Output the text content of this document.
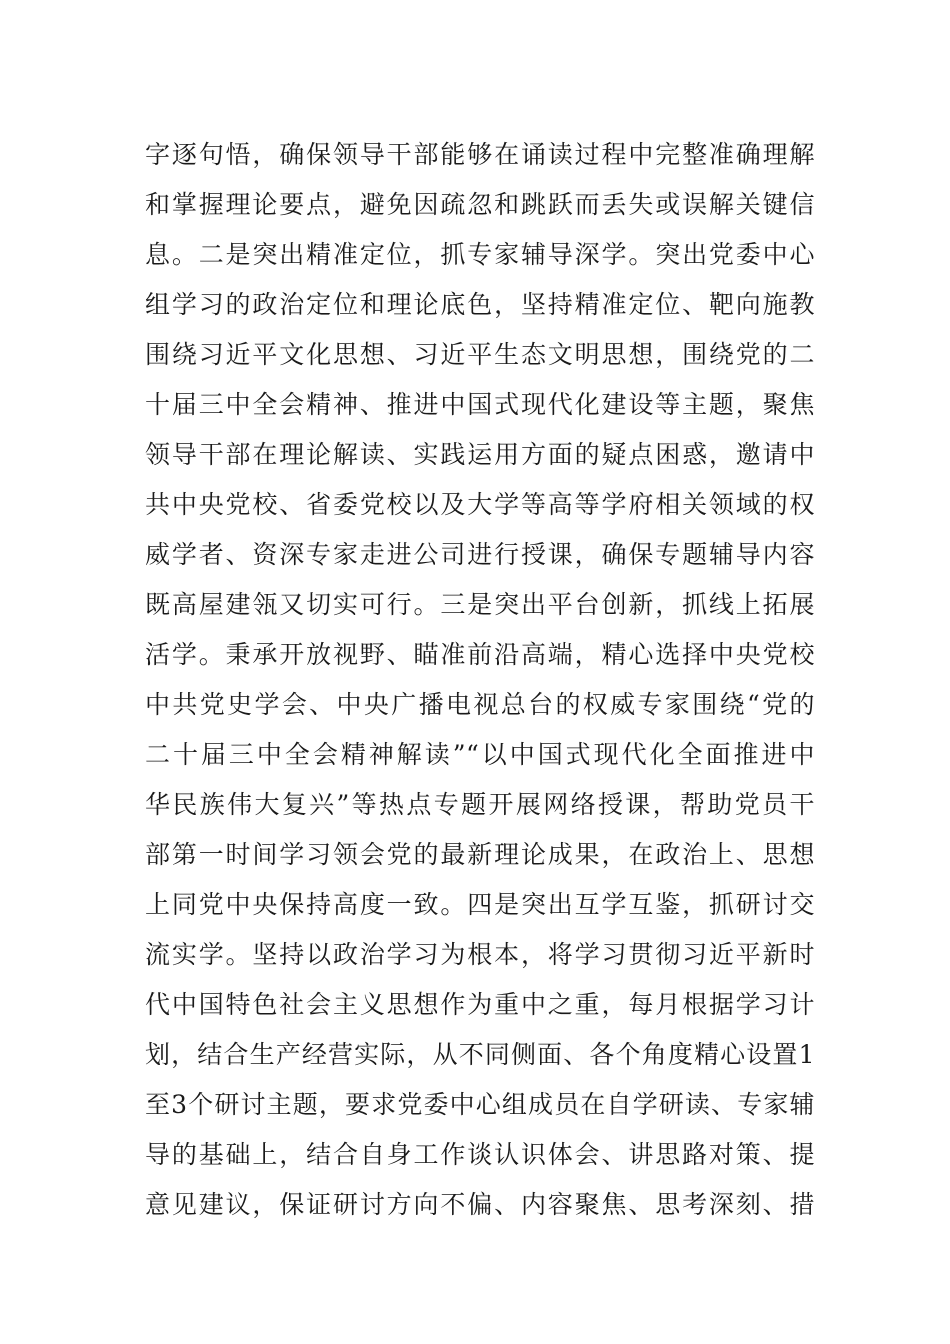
字逐句悟，确保领导干部能够在诵读过程中完整准确理解
和掌握理论要点，避免因疏忽和跳跃而丢失或误解关键信
息。二是突出精准定位，抓专家辅导深学。突出党委中心
组学习的政治定位和理论底色，坚持精准定位、靶向施教
围绕习近平文化思想、习近平生态文明思想，围绕党的二
十届三中全会精神、推进中国式现代化建设等主题，聚焦
领导干部在理论解读、实践运用方面的疑点困惑，邀请中
共中央党校、省委党校以及大学等高等学府相关领域的权
威学者、资深专家走进公司进行授课，确保专题辅导内容
既高屋建瓴又切实可行。三是突出平台创新，抓线上拓展
活学。秉承开放视野、瞄准前沿高端，精心选择中央党校
中共党史学会、中央广播电视总台的权威专家围绕“党的
二十届三中全会精神解读”“以中国式现代化全面推进中
华民族伟大复兴”等热点专题开展网络授课，帮助党员干
部第一时间学习领会党的最新理论成果，在政治上、思想
上同党中央保持高度一致。四是突出互学互鉴，抓研讨交
流实学。坚持以政治学习为根本，将学习贯彻习近平新时
代中国特色社会主义思想作为重中之重，每月根据学习计
划，结合生产经营实际，从不同侧面、各个角度精心设置1
至3个研讨主题，要求党委中心组成员在自学研读、专家辅
导的基础上，结合自身工作谈认识体会、讲思路对策、提
意见建议，保证研讨方向不偏、内容聚焦、思考深刻、措
